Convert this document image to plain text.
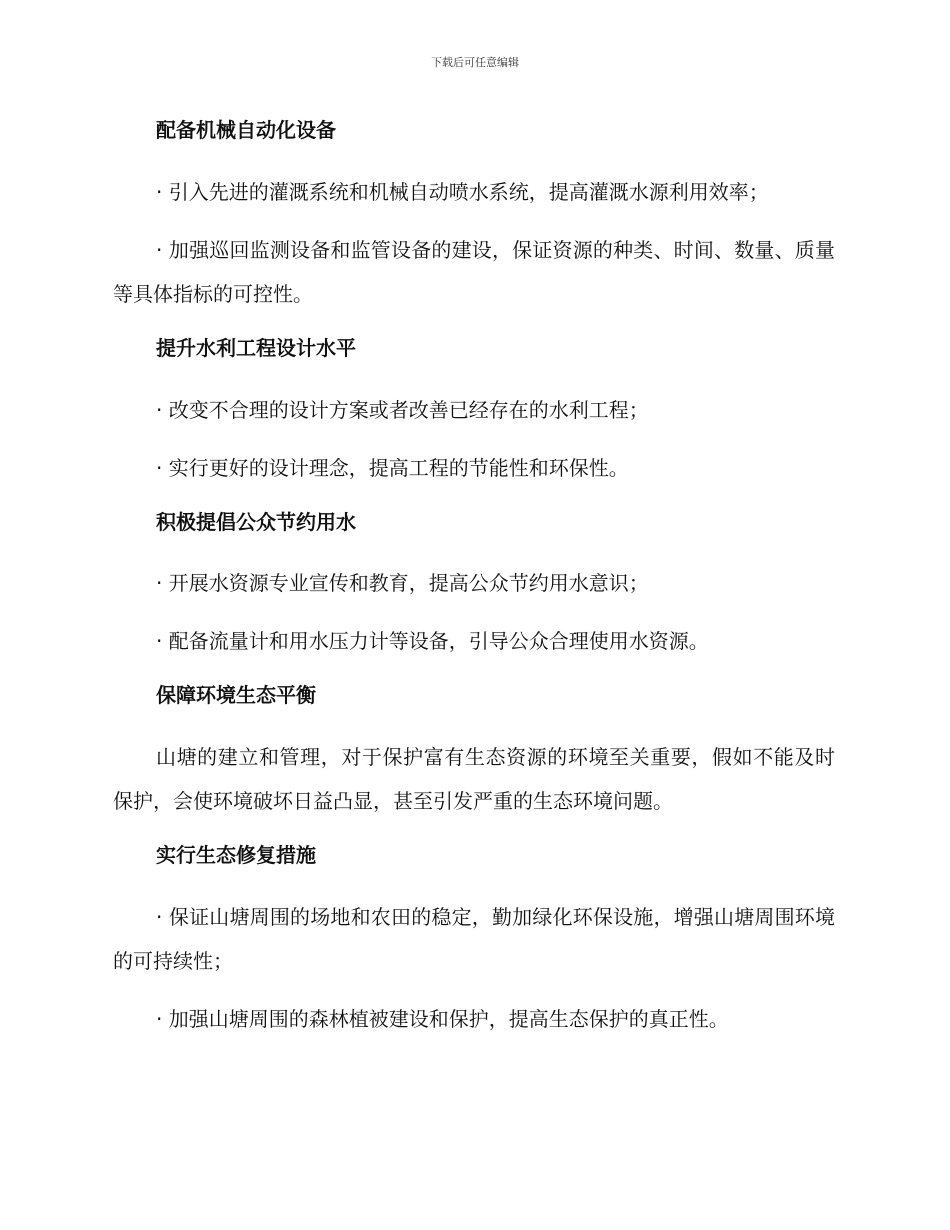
下载后可任意编辑
配备机械自动化设备

· 引入先进的灌溉系统和机械自动喷水系统，提高灌溉水源利用效率；

· 加强巡回监测设备和监管设备的建设，保证资源的种类、时间、数量、质量等具体指标的可控性。

提升水利工程设计水平

· 改变不合理的设计方案或者改善已经存在的水利工程；

· 实行更好的设计理念，提高工程的节能性和环保性。

积极提倡公众节约用水

· 开展水资源专业宣传和教育，提高公众节约用水意识；

· 配备流量计和用水压力计等设备，引导公众合理使用水资源。

保障环境生态平衡

山塘的建立和管理，对于保护富有生态资源的环境至关重要，假如不能及时保护，会使环境破坏日益凸显，甚至引发严重的生态环境问题。

实行生态修复措施

· 保证山塘周围的场地和农田的稳定，勤加绿化环保设施，增强山塘周围环境的可持续性；

· 加强山塘周围的森林植被建设和保护，提高生态保护的真正性。
